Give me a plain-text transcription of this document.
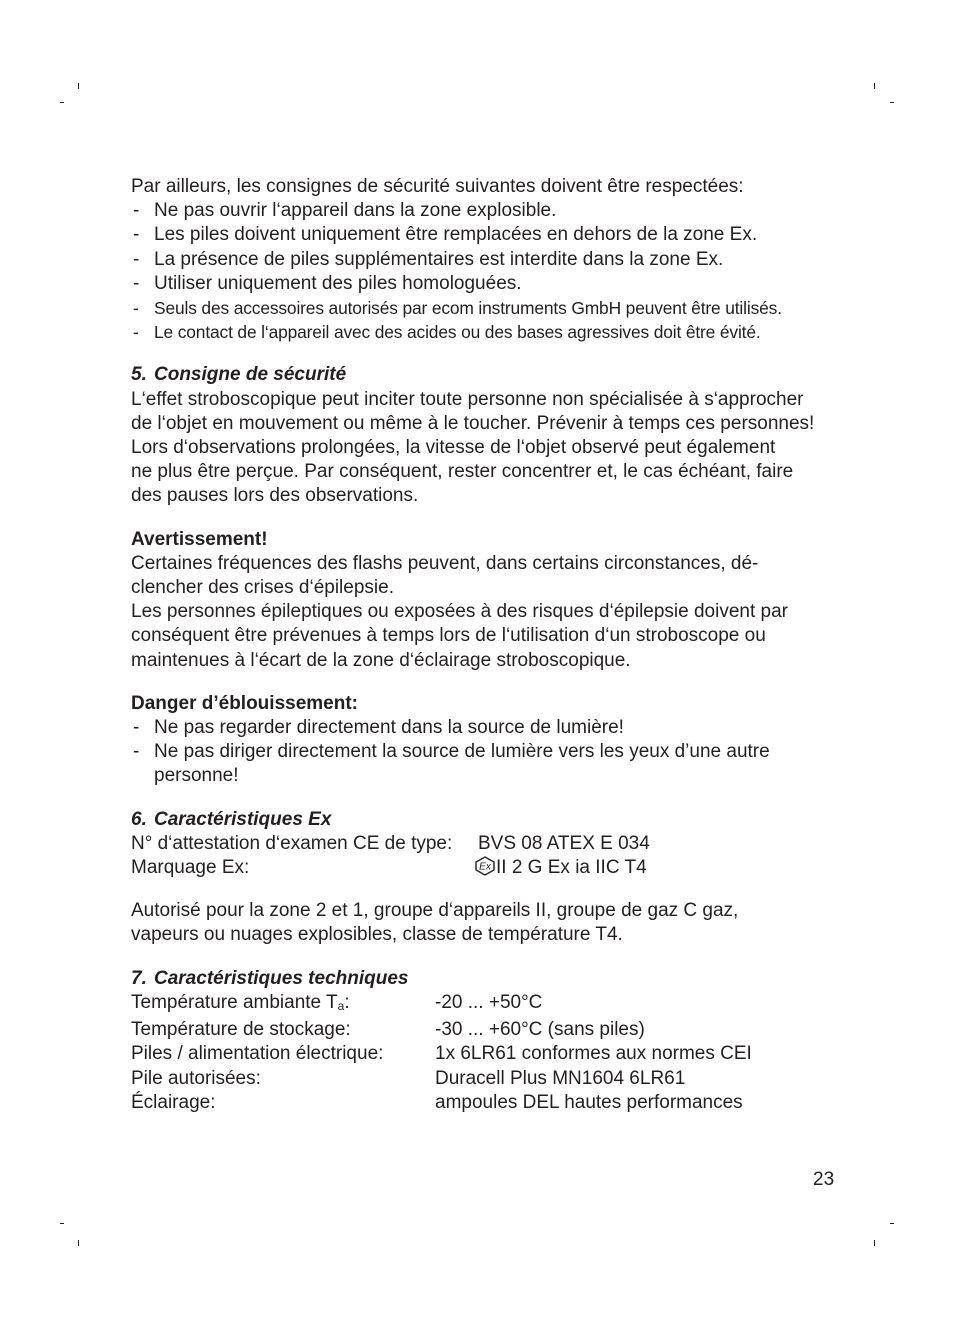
Par ailleurs, les consignes de sécurité suivantes doivent être respectées:

- Ne pas ouvrir l‘appareil dans la zone explosible.

- Les piles doivent uniquement être remplacées en dehors de la zone Ex.

- La présence de piles supplémentaires est interdite dans la zone Ex.

- Utiliser uniquement des piles homologuées.

- Seuls des accessoires autorisés par ecom instruments GmbH peuvent être utilisés.

- Le contact de l‘appareil avec des acides ou des bases agressives doit être évité.

5. Consigne de sécurité

L‘effet stroboscopique peut inciter toute personne non spécialisée à s‘approcher

de l‘objet en mouvement ou même à le toucher. Prévenir à temps ces personnes!

Lors d‘observations prolongées, la vitesse de l‘objet observé peut également

ne plus être perçue. Par conséquent, rester concentrer et, le cas échéant, faire

des pauses lors des observations.

Avertissement!

Certaines fréquences des flashs peuvent, dans certains circonstances, dé-

clencher des crises d‘épilepsie.

Les personnes épileptiques ou exposées à des risques d‘épilepsie doivent par

conséquent être prévenues à temps lors de l‘utilisation d‘un stroboscope ou

maintenues à l‘écart de la zone d‘éclairage stroboscopique.

Danger d’éblouissement:

- Ne pas regarder directement dans la source de lumière!

- Ne pas diriger directement la source de lumière vers les yeux d’une autre personne!

6. Caractéristiques Ex

N° d‘attestation d‘examen CE de type:	BVS 08 ATEX E 034
Marquage Ex:	Ex II 2 G Ex ia IIC T4

Autorisé pour la zone 2 et 1, groupe d‘appareils II, groupe de gaz C gaz,

vapeurs ou nuages explosibles, classe de température T4.

7. Caractéristiques techniques

Température ambiante $T_a$:	-20 ... +50°C
Température de stockage:	-30 ... +60°C (sans piles)
Piles / alimentation électrique:	1x 6LR61 conformes aux normes CEI
Pile autorisées:	Duracell Plus MN1604 6LR61
Éclairage:	ampoules DEL hautes performances
23
